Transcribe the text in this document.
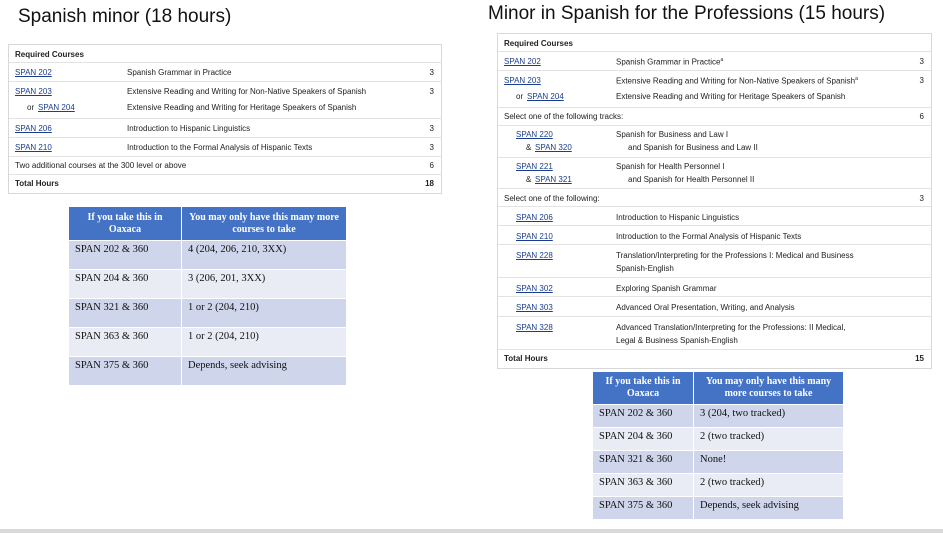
Spanish minor (18 hours)
Required Courses
SPAN 202	Spanish Grammar in Practice	3
SPAN 203	Extensive Reading and Writing for Non-Native Speakers of Spanish	3
or SPAN 204	Extensive Reading and Writing for Heritage Speakers of Spanish
SPAN 206	Introduction to Hispanic Linguistics	3
SPAN 210	Introduction to the Formal Analysis of Hispanic Texts	3
Two additional courses at the 300 level or above	6
Total Hours	18
If you take this in Oaxaca	You may only have this many more courses to take
SPAN 202 & 360	4 (204, 206, 210, 3XX)
SPAN 204 & 360	3 (206, 201, 3XX)
SPAN 321 & 360	1 or 2 (204, 210)
SPAN 363 & 360	1 or 2 (204, 210)
SPAN 375 & 360	Depends, seek advising
Minor in Spanish for the Professions (15 hours)
Required Courses
SPAN 202	Spanish Grammar in Practice$^a$	3
SPAN 203	Extensive Reading and Writing for Non-Native Speakers of Spanish$^a$	3
or SPAN 204	Extensive Reading and Writing for Heritage Speakers of Spanish
Select one of the following tracks:	6
SPAN 220	Spanish for Business and Law I
& SPAN 320	and Spanish for Business and Law II
SPAN 221	Spanish for Health Personnel I
& SPAN 321	and Spanish for Health Personnel II
Select one of the following:	3
SPAN 206	Introduction to Hispanic Linguistics
SPAN 210	Introduction to the Formal Analysis of Hispanic Texts
SPAN 228	Translation/Interpreting for the Professions I: Medical and Business
Spanish-English
SPAN 302	Exploring Spanish Grammar
SPAN 303	Advanced Oral Presentation, Writing, and Analysis
SPAN 328	Advanced Translation/Interpreting for the Professions: II Medical,
Legal & Business Spanish-English
Total Hours	15
If you take this in Oaxaca	You may only have this many more courses to take
SPAN 202 & 360	3 (204, two tracked)
SPAN 204 & 360	2 (two tracked)
SPAN 321 & 360	None!
SPAN 363 & 360	2 (two tracked)
SPAN 375 & 360	Depends, seek advising
